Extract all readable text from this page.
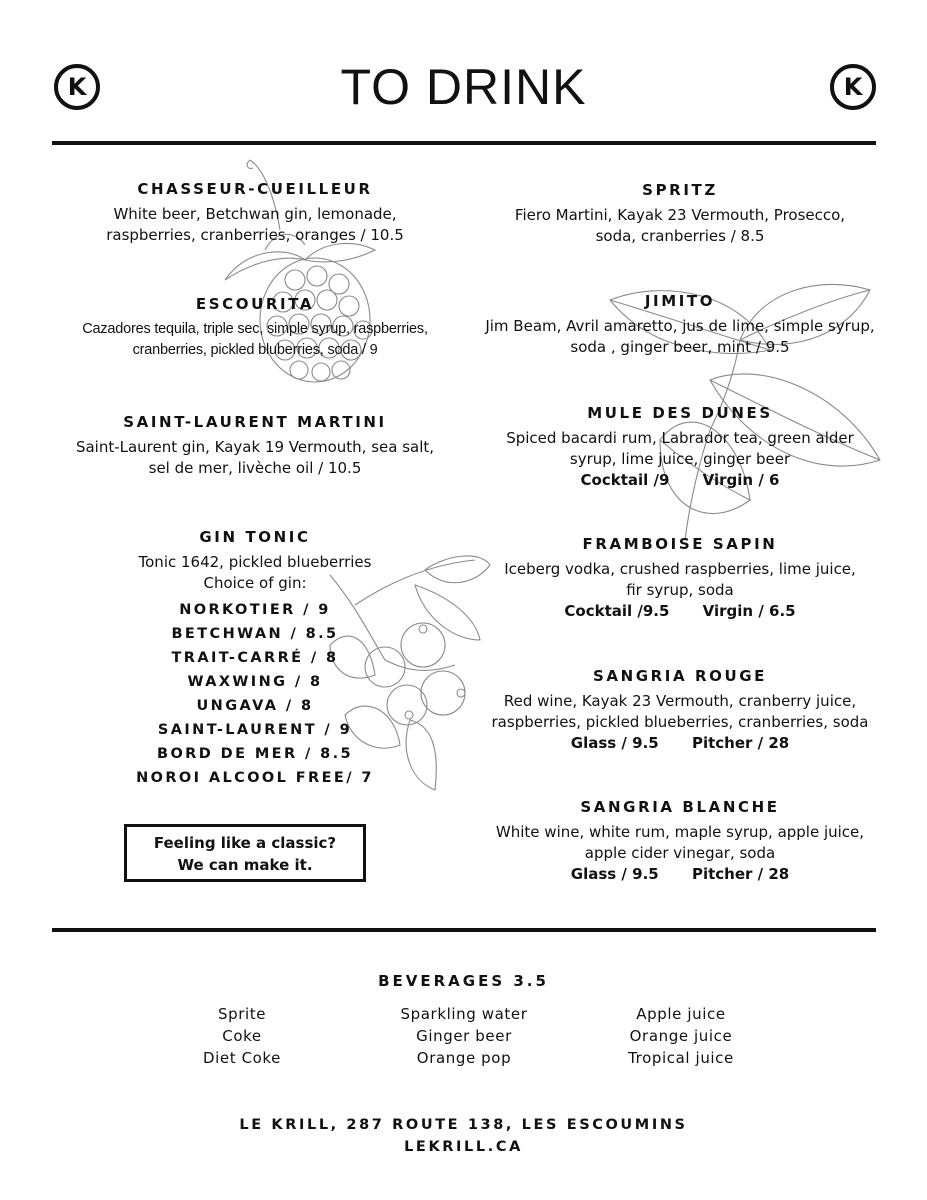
K	TO DRINK	K
CHASSEUR-CUEILLEUR

White beer, Betchwan gin, lemonade,

raspberries, cranberries, oranges / 10.5

ESCOURITA

Cazadores tequila, triple sec, simple syrup, raspberries,

cranberries, pickled bluberries, soda / 9

SAINT-LAURENT MARTINI

Saint-Laurent gin, Kayak 19 Vermouth, sea salt,

sel de mer, livèche oil / 10.5

GIN TONIC

Tonic 1642, pickled blueberries

Choice of gin:

NORKOTIER / 9
BETCHWAN / 8.5
TRAIT-CARRÉ / 8
WAXWING / 8
UNGAVA / 8
SAINT-LAURENT / 9
BORD DE MER / 8.5
NOROI ALCOOL FREE/ 7
Feeling like a classic?
We can make it.
SPRITZ

Fiero Martini, Kayak 23 Vermouth, Prosecco,

soda, cranberries / 8.5

JIMITO

Jim Beam, Avril amaretto, jus de lime, simple syrup,

soda , ginger beer, mint / 9.5

MULE DES DUNES

Spiced bacardi rum, Labrador tea, green alder

syrup, lime juice, ginger beer

Cocktail /9 Virgin / 6
FRAMBOISE SAPIN

Iceberg vodka, crushed raspberries, lime juice,

fir syrup, soda

Cocktail /9.5 Virgin / 6.5
SANGRIA ROUGE

Red wine, Kayak 23 Vermouth, cranberry juice,

raspberries, pickled blueberries, cranberries, soda

Glass / 9.5 Pitcher / 28
SANGRIA BLANCHE

White wine, white rum, maple syrup, apple juice,

apple cider vinegar, soda

Glass / 9.5 Pitcher / 28
BEVERAGES 3.5
Sprite
Coke
Diet Coke
Sparkling water
Ginger beer
Orange pop
Apple juice
Orange juice
Tropical juice
LE KRILL, 287 ROUTE 138, LES ESCOUMINS
LEKRILL.CA
